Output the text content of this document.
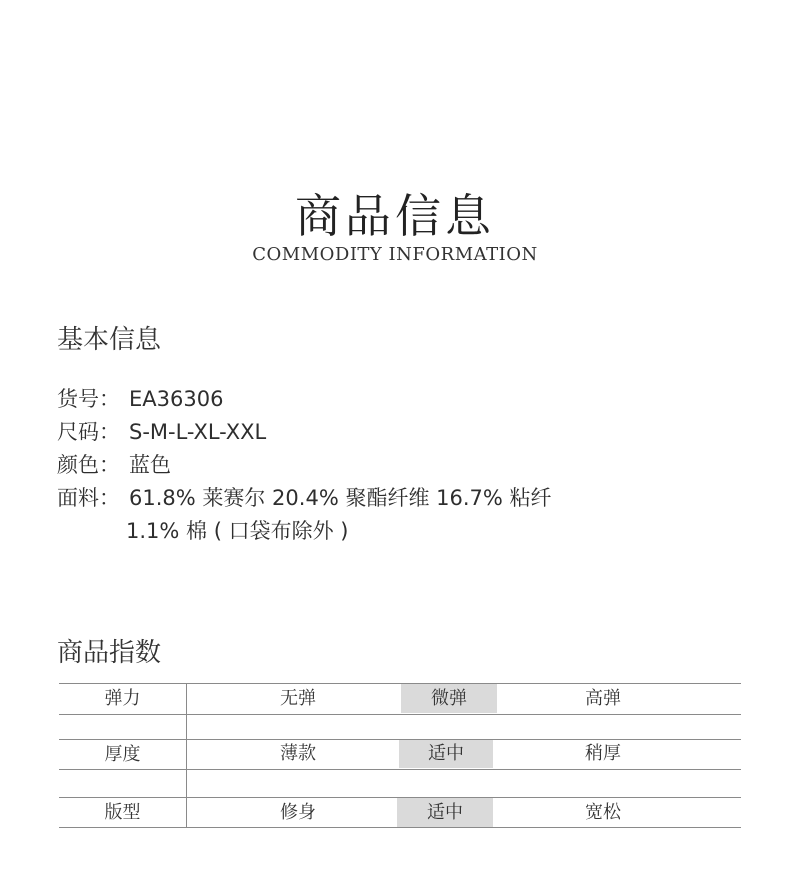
商品信息
COMMODITY INFORMATION
基本信息
货号： EA36306
尺码： S-M-L-XL-XXL
颜色： 蓝色
面料： 61.8% 莱赛尔 20.4% 聚酯纤维 16.7% 粘纤
1.1% 棉 ( 口袋布除外 )
商品指数
弹力	无弹	微弹	高弹
厚度	薄款	适中	稍厚
版型	修身	适中	宽松
